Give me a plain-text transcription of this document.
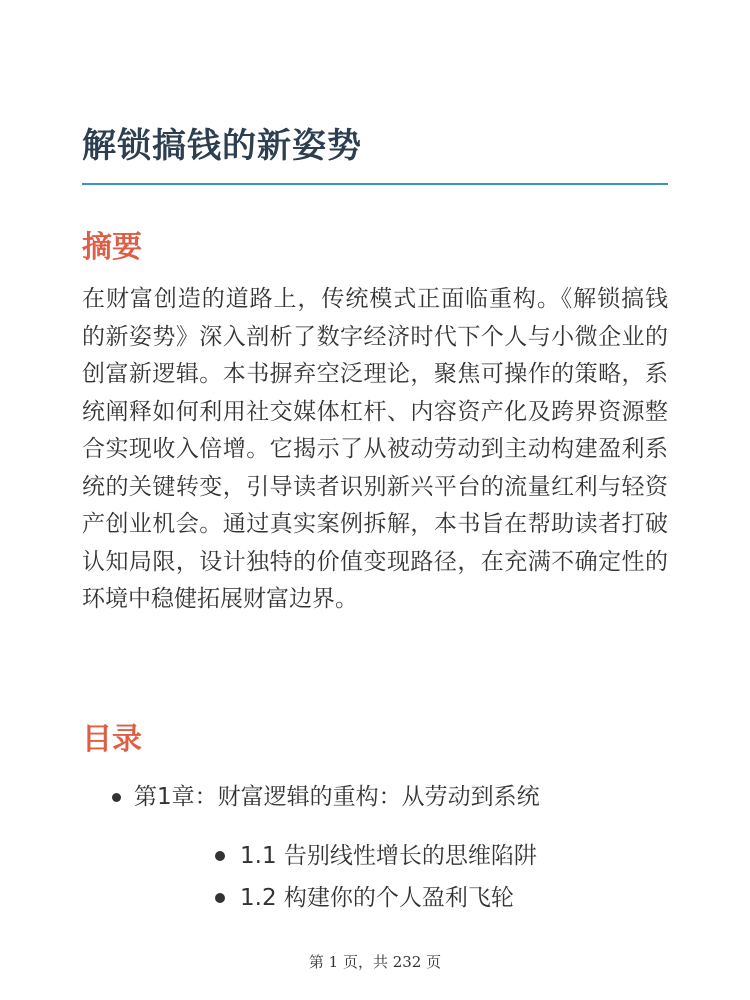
解锁搞钱的新姿势
摘要

在财富创造的道路上，传统模式正面临重构。《解锁搞钱的新姿势》深入剖析了数字经济时代下个人与小微企业的创富新逻辑。本书摒弃空泛理论，聚焦可操作的策略，系统阐释如何利用社交媒体杠杆、内容资产化及跨界资源整合实现收入倍增。它揭示了从被动劳动到主动构建盈利系统的关键转变，引导读者识别新兴平台的流量红利与轻资产创业机会。通过真实案例拆解，本书旨在帮助读者打破认知局限，设计独特的价值变现路径，在充满不确定性的环境中稳健拓展财富边界。

目录
第1章：财富逻辑的重构：从劳动到系统
1.1 告别线性增长的思维陷阱
1.2 构建你的个人盈利飞轮
第 1 页，共 232 页
